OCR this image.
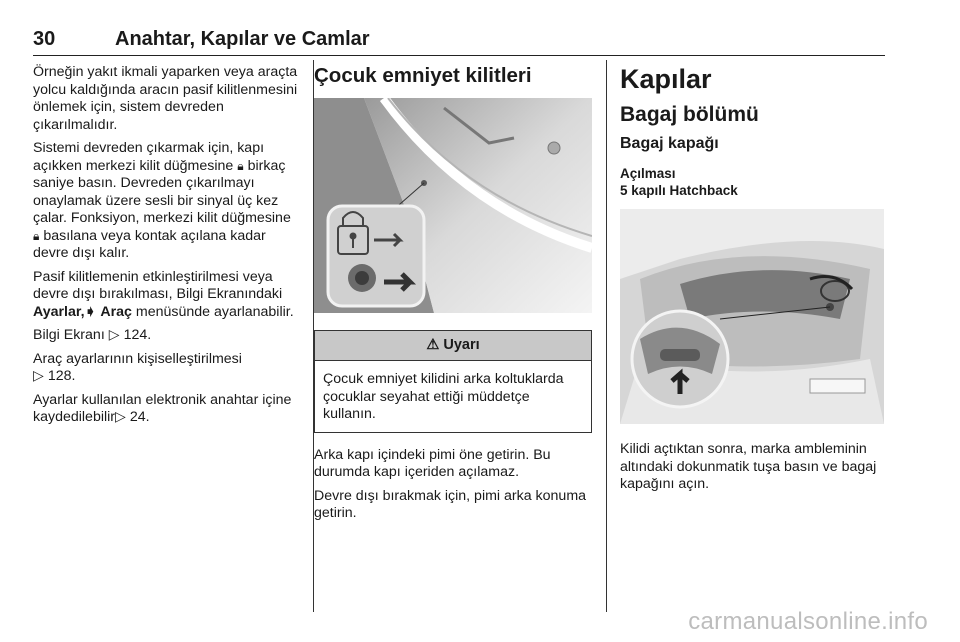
30	Anahtar, Kapılar ve Camlar

Örneğin yakıt ikmali yaparken veya araçta yolcu kaldığında aracın pasif kilitlenmesini önlemek için, sistem devreden çıkarılmalıdır.

Sistemi devreden çıkarmak için, kapı açıkken merkezi kilit düğmesine 🔒︎ birkaç saniye basın. Devreden çıkarılmayı onaylamak üzere sesli bir sinyal üç kez çalar. Fonksiyon, merkezi kilit düğmesine 🔒︎ basılana veya kontak açılana kadar devre dışı kalır.

Pasif kilitlemenin etkinleştirilmesi veya devre dışı bırakılması, Bilgi Ekranındaki Ayarlar,➧ Araç menüsünde ayarlanabilir.

Bilgi Ekranı ▷ 124.

Araç ayarlarının kişiselleştirilmesi
▷ 128.

Ayarlar kullanılan elektronik anahtar içine kaydedilebilir▷ 24.

Çocuk emniyet kilitleri
⚠ Uyarı

Çocuk emniyet kilidini arka koltuklarda çocuklar seyahat ettiği müddetçe kullanın.

Arka kapı içindeki pimi öne getirin. Bu durumda kapı içeriden açılamaz.

Devre dışı bırakmak için, pimi arka konuma getirin.

Kapılar
Bagaj bölümü
Bagaj kapağı
Açılması
5 kapılı Hatchback

Kilidi açtıktan sonra, marka ambleminin altındaki dokunmatik tuşa basın ve bagaj kapağını açın.

carmanualsonline.info
